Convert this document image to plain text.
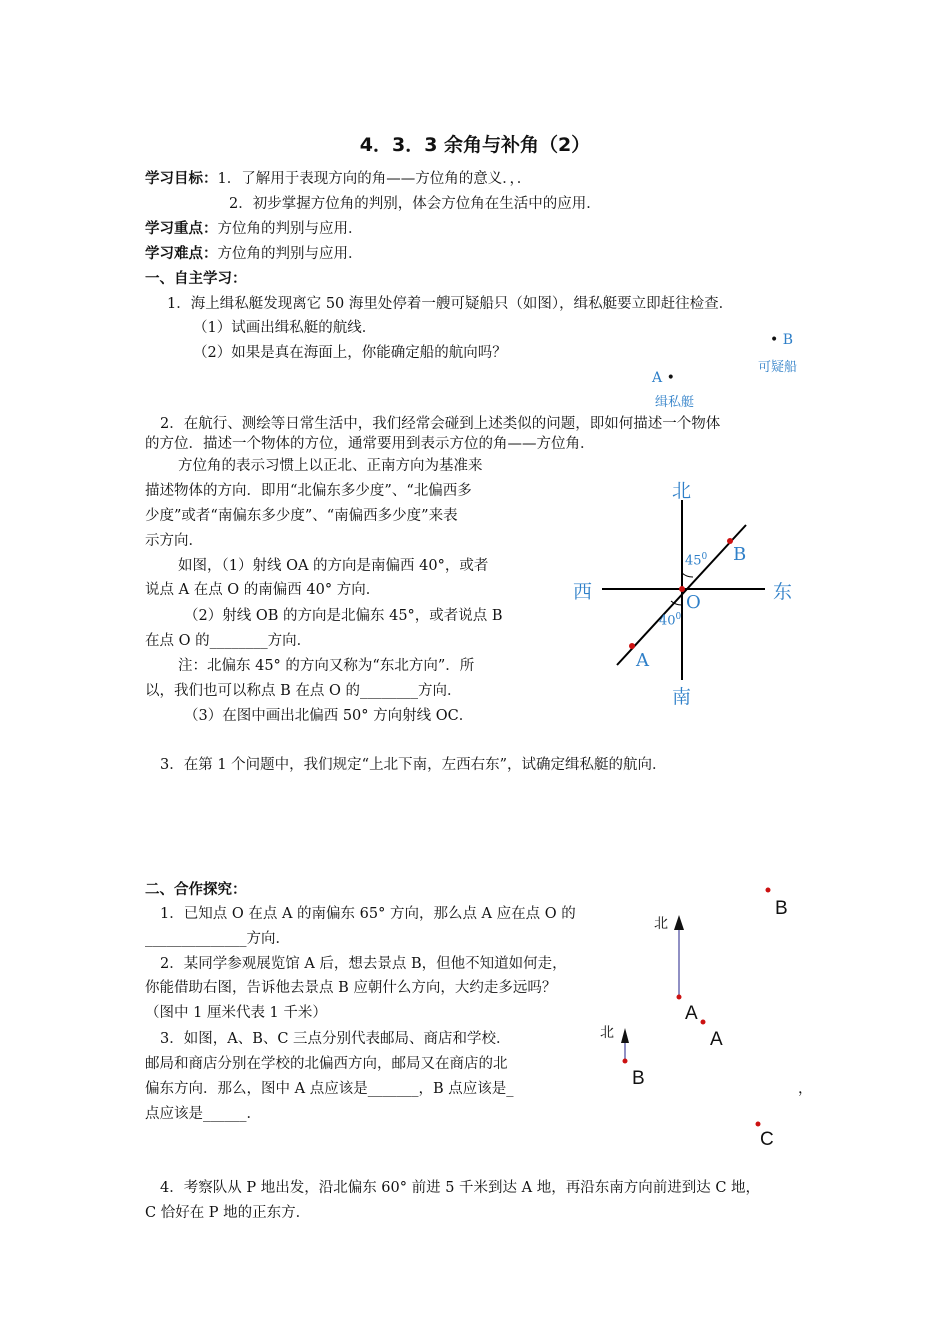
4．3．3 余角与补角（2）
学习目标：1．了解用于表现方向的角——方位角的意义．，．
2．初步掌握方位角的判别，体会方位角在生活中的应用．
学习重点：方位角的判别与应用．
学习难点：方位角的判别与应用．
一、自主学习：
1．海上缉私艇发现离它 50 海里处停着一艘可疑船只（如图），缉私艇要立即赶往检查．
（1）试画出缉私艇的航线．
（2）如果是真在海面上，你能确定船的航向吗？
• B
可疑船
A •
缉私艇
2．在航行、测绘等日常生活中，我们经常会碰到上述类似的问题，即如何描述一个物体
的方位．描述一个物体的方位，通常要用到表示方位的角——方位角．
方位角的表示习惯上以正北、正南方向为基准来
描述物体的方向．即用“北偏东多少度”、“北偏西多
少度”或者“南偏东多少度”、“南偏西多少度”来表
示方向．
如图，（1）射线 OA 的方向是南偏西 40°，或者
说点 A 在点 O 的南偏西 40° 方向．
（2）射线 OB 的方向是北偏东 45°，或者说点 B
在点 O 的________方向．
注：北偏东 45° 的方向又称为“东北方向”．所
以，我们也可以称点 B 在点 O 的________方向．
（3）在图中画出北偏西 50° 方向射线 OC．
北
南
西	东
O
B
A
$45^0$
$40^0$
3．在第 1 个问题中，我们规定“上北下南，左西右东”，试确定缉私艇的航向．
二、合作探究：
1．已知点 O 在点 A 的南偏东 65° 方向，那么点 A 应在点 O 的
______________方向．
2．某同学参观展览馆 A 后，想去景点 B，但他不知道如何走，
你能借助右图，告诉他去景点 B 应朝什么方向，大约走多远吗？
（图中 1 厘米代表 1 千米）
3．如图，A、B、C 三点分别代表邮局、商店和学校．
邮局和商店分别在学校的北偏西方向，邮局又在商店的北
偏东方向．那么，图中 A 点应该是_______，B 点应该是_	，
点应该是______．
北
B
A
北	A
B
C
4．考察队从 P 地出发，沿北偏东 60° 前进 5 千米到达 A 地，再沿东南方向前进到达 C 地，
C 恰好在 P 地的正东方．
